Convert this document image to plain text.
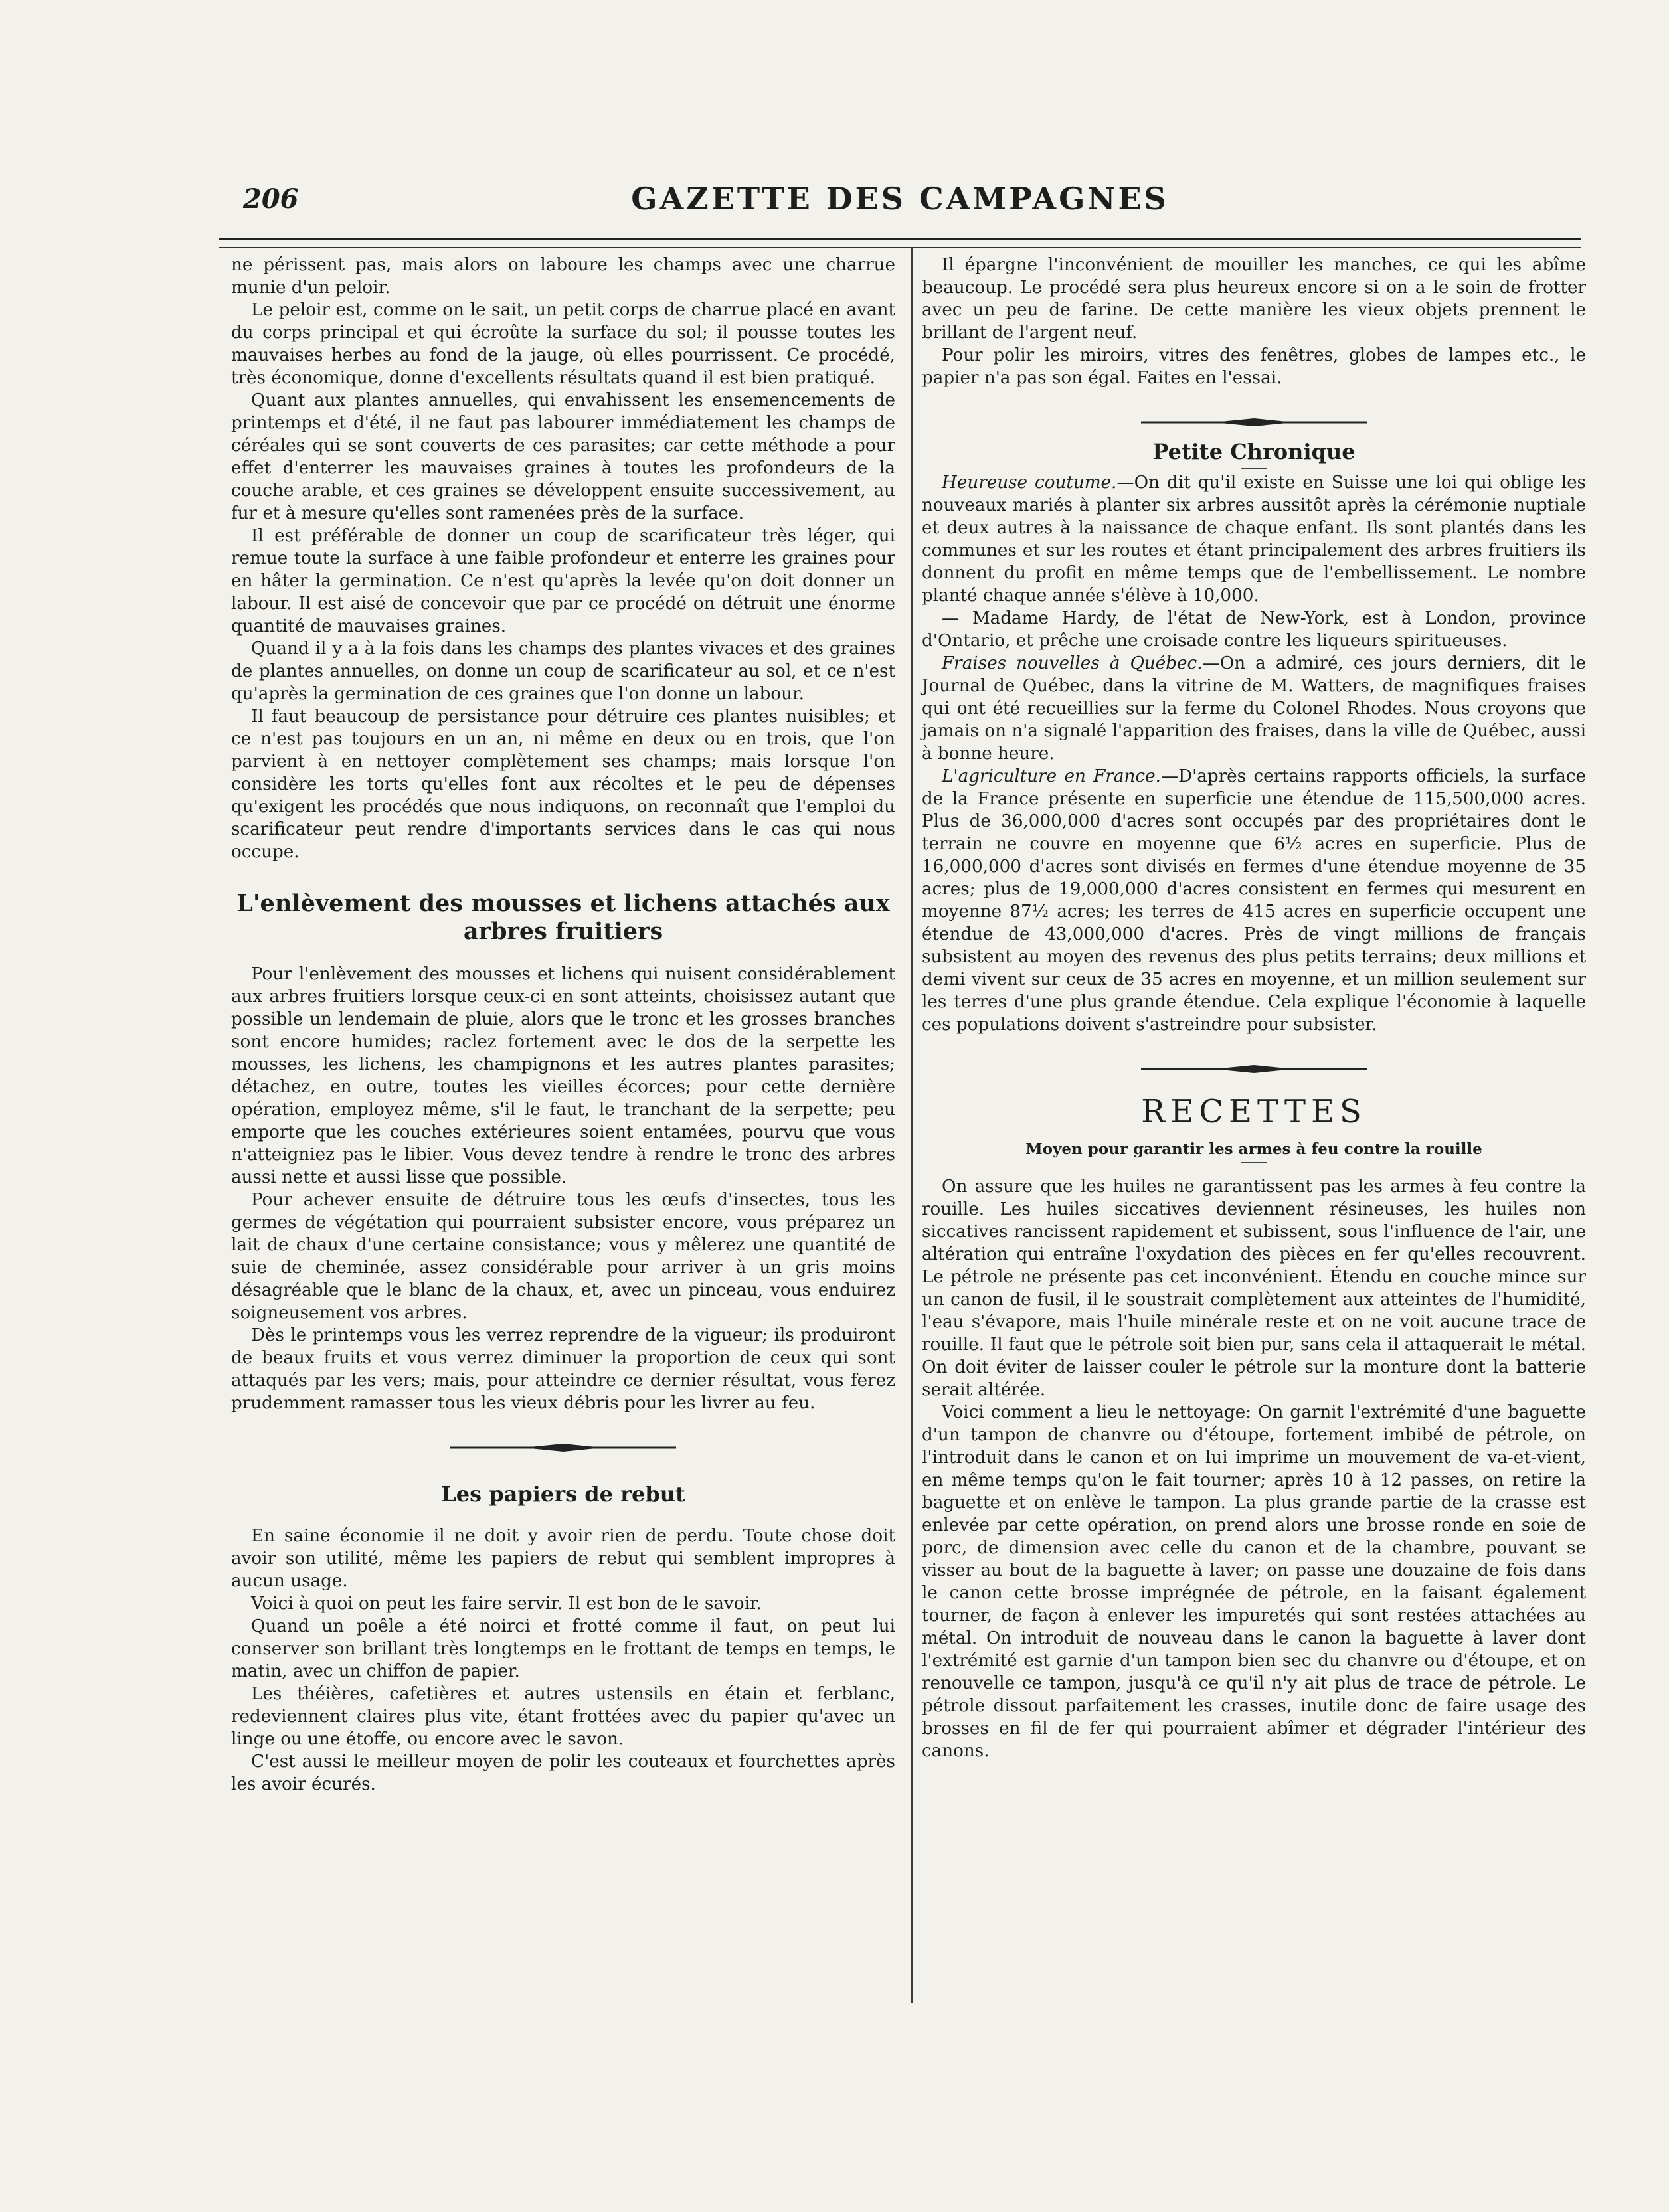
206	GAZETTE DES CAMPAGNES

ne périssent pas, mais alors on laboure les champs avec une charrue munie d'un peloir.

Le peloir est, comme on le sait, un petit corps de charrue placé en avant du corps principal et qui écroûte la surface du sol; il pousse toutes les mauvaises herbes au fond de la jauge, où elles pourrissent. Ce procédé, très économique, donne d'excellents résultats quand il est bien pratiqué.

Quant aux plantes annuelles, qui envahissent les ensemencements de printemps et d'été, il ne faut pas labourer immédiatement les champs de céréales qui se sont couverts de ces parasites; car cette méthode a pour effet d'enterrer les mauvaises graines à toutes les profondeurs de la couche arable, et ces graines se développent ensuite successivement, au fur et à mesure qu'elles sont ramenées près de la surface.

Il est préférable de donner un coup de scarificateur très léger, qui remue toute la surface à une faible profondeur et enterre les graines pour en hâter la germination. Ce n'est qu'après la levée qu'on doit donner un labour. Il est aisé de concevoir que par ce procédé on détruit une énorme quantité de mauvaises graines.

Quand il y a à la fois dans les champs des plantes vivaces et des graines de plantes annuelles, on donne un coup de scarificateur au sol, et ce n'est qu'après la germination de ces graines que l'on donne un labour.

Il faut beaucoup de persistance pour détruire ces plantes nuisibles; et ce n'est pas toujours en un an, ni même en deux ou en trois, que l'on parvient à en nettoyer complètement ses champs; mais lorsque l'on considère les torts qu'elles font aux récoltes et le peu de dépenses qu'exigent les procédés que nous indiquons, on reconnaît que l'emploi du scarificateur peut rendre d'importants services dans le cas qui nous occupe.

L'enlèvement des mousses et lichens attachés aux arbres fruitiers

Pour l'enlèvement des mousses et lichens qui nuisent considérablement aux arbres fruitiers lorsque ceux-ci en sont atteints, choisissez autant que possible un lendemain de pluie, alors que le tronc et les grosses branches sont encore humides; raclez fortement avec le dos de la serpette les mousses, les lichens, les champignons et les autres plantes parasites; détachez, en outre, toutes les vieilles écorces; pour cette dernière opération, employez même, s'il le faut, le tranchant de la serpette; peu emporte que les couches extérieures soient entamées, pourvu que vous n'atteigniez pas le libier. Vous devez tendre à rendre le tronc des arbres aussi nette et aussi lisse que possible.

Pour achever ensuite de détruire tous les œufs d'insectes, tous les germes de végétation qui pourraient subsister encore, vous préparez un lait de chaux d'une certaine consistance; vous y mêlerez une quantité de suie de cheminée, assez considérable pour arriver à un gris moins désagréable que le blanc de la chaux, et, avec un pinceau, vous enduirez soigneusement vos arbres.

Dès le printemps vous les verrez reprendre de la vigueur; ils produiront de beaux fruits et vous verrez diminuer la proportion de ceux qui sont attaqués par les vers; mais, pour atteindre ce dernier résultat, vous ferez prudemment ramasser tous les vieux débris pour les livrer au feu.

Les papiers de rebut

En saine économie il ne doit y avoir rien de perdu. Toute chose doit avoir son utilité, même les papiers de rebut qui semblent impropres à aucun usage.

Voici à quoi on peut les faire servir. Il est bon de le savoir.

Quand un poêle a été noirci et frotté comme il faut, on peut lui conserver son brillant très longtemps en le frottant de temps en temps, le matin, avec un chiffon de papier.

Les théières, cafetières et autres ustensils en étain et ferblanc, redeviennent claires plus vite, étant frottées avec du papier qu'avec un linge ou une étoffe, ou encore avec le savon.

C'est aussi le meilleur moyen de polir les couteaux et fourchettes après les avoir écurés.

Il épargne l'inconvénient de mouiller les manches, ce qui les abîme beaucoup. Le procédé sera plus heureux encore si on a le soin de frotter avec un peu de farine. De cette manière les vieux objets prennent le brillant de l'argent neuf.

Pour polir les miroirs, vitres des fenêtres, globes de lampes etc., le papier n'a pas son égal. Faites en l'essai.

Petite Chronique

Heureuse coutume.—On dit qu'il existe en Suisse une loi qui oblige les nouveaux mariés à planter six arbres aussitôt après la cérémonie nuptiale et deux autres à la naissance de chaque enfant. Ils sont plantés dans les communes et sur les routes et étant principalement des arbres fruitiers ils donnent du profit en même temps que de l'embellissement. Le nombre planté chaque année s'élève à 10,000.

— Madame Hardy, de l'état de New-York, est à London, province d'Ontario, et prêche une croisade contre les liqueurs spiritueuses.

Fraises nouvelles à Québec.—On a admiré, ces jours derniers, dit le Journal de Québec, dans la vitrine de M. Watters, de magnifiques fraises qui ont été recueillies sur la ferme du Colonel Rhodes. Nous croyons que jamais on n'a signalé l'apparition des fraises, dans la ville de Québec, aussi à bonne heure.

L'agriculture en France.—D'après certains rapports officiels, la surface de la France présente en superficie une étendue de 115,500,000 acres. Plus de 36,000,000 d'acres sont occupés par des propriétaires dont le terrain ne couvre en moyenne que 6½ acres en superficie. Plus de 16,000,000 d'acres sont divisés en fermes d'une étendue moyenne de 35 acres; plus de 19,000,000 d'acres consistent en fermes qui mesurent en moyenne 87½ acres; les terres de 415 acres en superficie occupent une étendue de 43,000,000 d'acres. Près de vingt millions de français subsistent au moyen des revenus des plus petits terrains; deux millions et demi vivent sur ceux de 35 acres en moyenne, et un million seulement sur les terres d'une plus grande étendue. Cela explique l'économie à laquelle ces populations doivent s'astreindre pour subsister.

RECETTES
Moyen pour garantir les armes à feu contre la rouille

On assure que les huiles ne garantissent pas les armes à feu contre la rouille. Les huiles siccatives deviennent résineuses, les huiles non siccatives rancissent rapidement et subissent, sous l'influence de l'air, une altération qui entraîne l'oxydation des pièces en fer qu'elles recouvrent. Le pétrole ne présente pas cet inconvénient. Étendu en couche mince sur un canon de fusil, il le soustrait complètement aux atteintes de l'humidité, l'eau s'évapore, mais l'huile minérale reste et on ne voit aucune trace de rouille. Il faut que le pétrole soit bien pur, sans cela il attaquerait le métal. On doit éviter de laisser couler le pétrole sur la monture dont la batterie serait altérée.

Voici comment a lieu le nettoyage: On garnit l'extrémité d'une baguette d'un tampon de chanvre ou d'étoupe, fortement imbibé de pétrole, on l'introduit dans le canon et on lui imprime un mouvement de va-et-vient, en même temps qu'on le fait tourner; après 10 à 12 passes, on retire la baguette et on enlève le tampon. La plus grande partie de la crasse est enlevée par cette opération, on prend alors une brosse ronde en soie de porc, de dimension avec celle du canon et de la chambre, pouvant se visser au bout de la baguette à laver; on passe une douzaine de fois dans le canon cette brosse imprégnée de pétrole, en la faisant également tourner, de façon à enlever les impuretés qui sont restées attachées au métal. On introduit de nouveau dans le canon la baguette à laver dont l'extrémité est garnie d'un tampon bien sec du chanvre ou d'étoupe, et on renouvelle ce tampon, jusqu'à ce qu'il n'y ait plus de trace de pétrole. Le pétrole dissout parfaitement les crasses, inutile donc de faire usage des brosses en fil de fer qui pourraient abîmer et dégrader l'intérieur des canons.
